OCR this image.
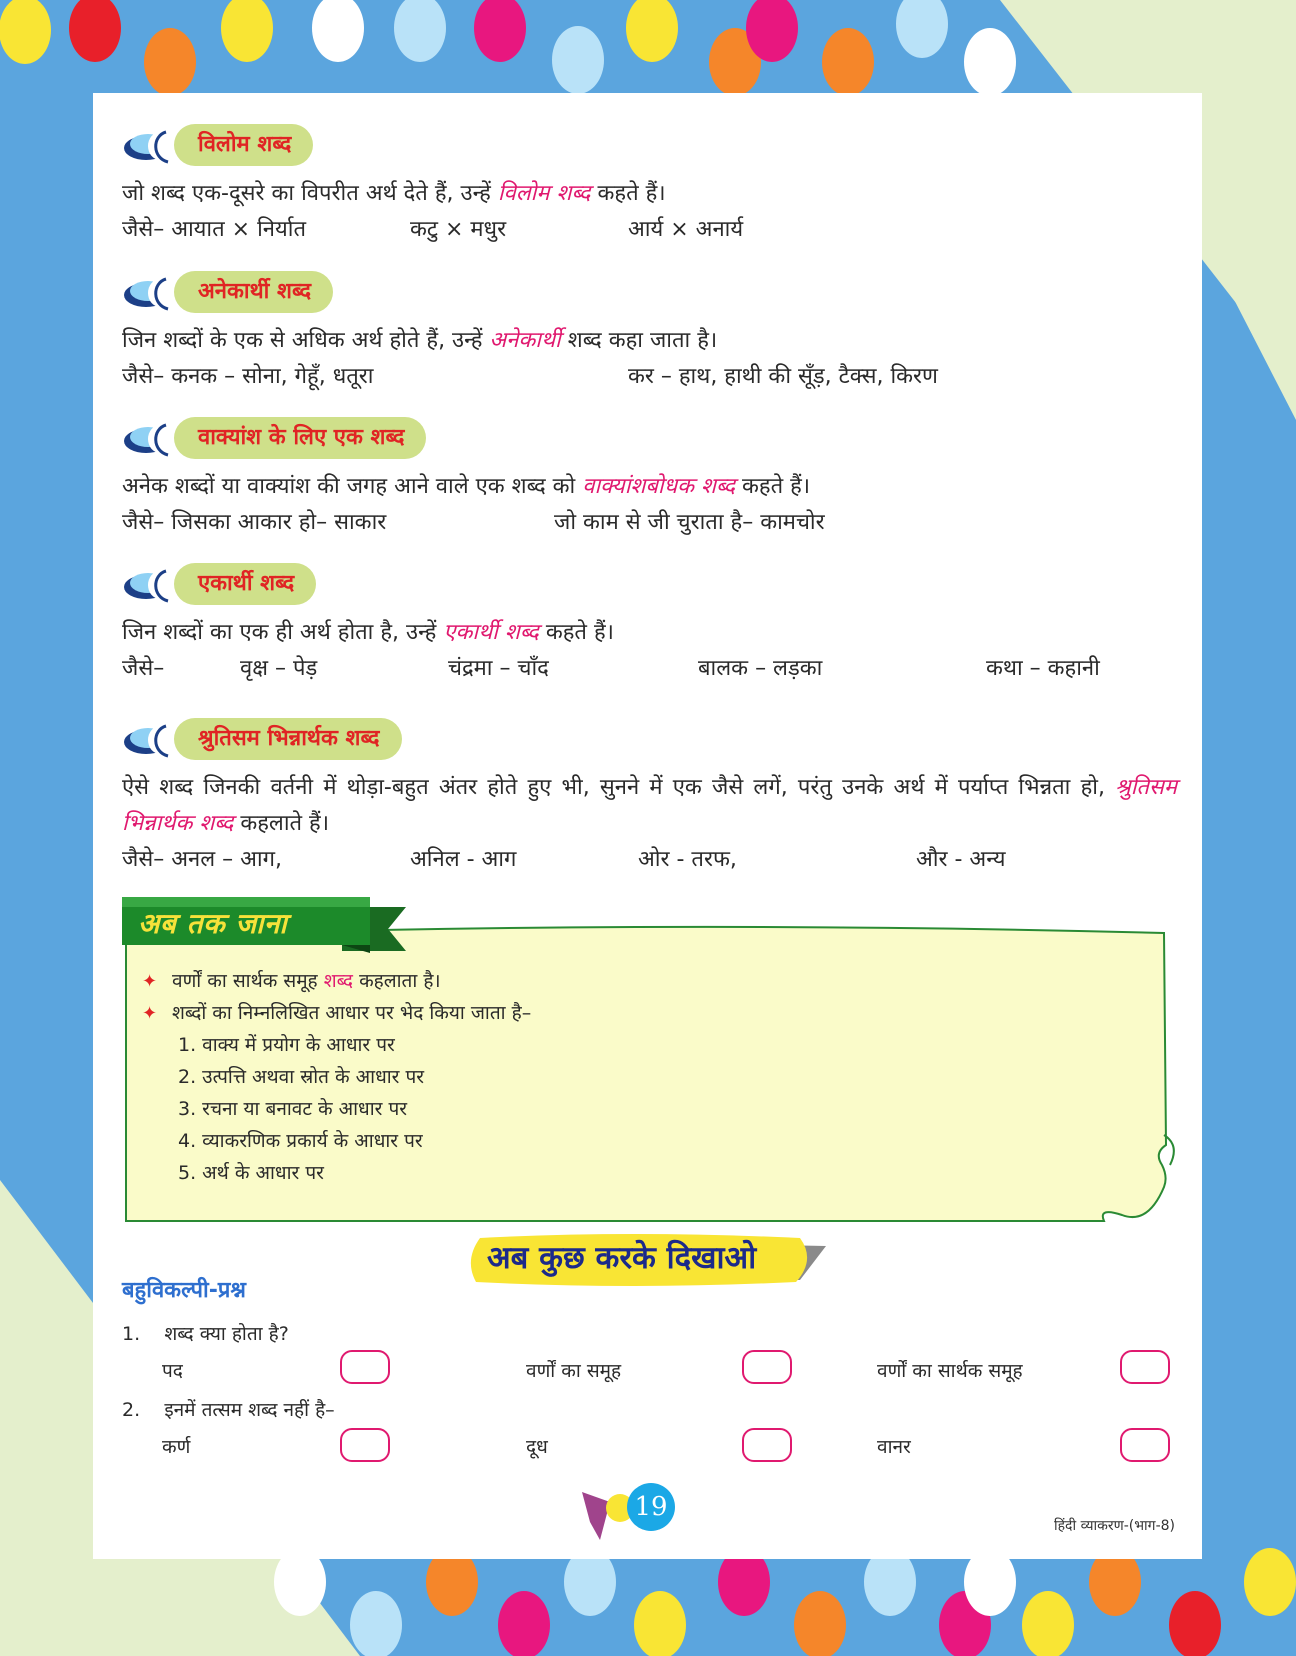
विलोम शब्द
जो शब्द एक-दूसरे का विपरीत अर्थ देते हैं, उन्हें विलोम शब्द कहते हैं।
जैसे– आयात × निर्यात	कटु × मधुर	आर्य × अनार्य
अनेकार्थी शब्द
जिन शब्दों के एक से अधिक अर्थ होते हैं, उन्हें अनेकार्थी शब्द कहा जाता है।
जैसे– कनक – सोना, गेहूँ, धतूरा	कर – हाथ, हाथी की सूँड़, टैक्स, किरण
वाक्यांश के लिए एक शब्द
अनेक शब्दों या वाक्यांश की जगह आने वाले एक शब्द को वाक्यांशबोधक शब्द कहते हैं।
जैसे– जिसका आकार हो– साकार	जो काम से जी चुराता है– कामचोर
एकार्थी शब्द
जिन शब्दों का एक ही अर्थ होता है, उन्हें एकार्थी शब्द कहते हैं।
जैसे–	वृक्ष – पेड़	चंद्रमा – चाँद	बालक – लड़का	कथा – कहानी
श्रुतिसम भिन्नार्थक शब्द
ऐसे शब्द जिनकी वर्तनी में थोड़ा-बहुत अंतर होते हुए भी, सुनने में एक जैसे लगें, परंतु उनके अर्थ में पर्याप्त भिन्नता हो, श्रुतिसम भिन्नार्थक शब्द कहलाते हैं।
जैसे– अनल – आग,	अनिल - आग	ओर - तरफ,	और - अन्य
अब तक जाना
✦ वर्णों का सार्थक समूह शब्द कहलाता है।
✦ शब्दों का निम्नलिखित आधार पर भेद किया जाता है–
1. वाक्य में प्रयोग के आधार पर
2. उत्पत्ति अथवा स्रोत के आधार पर
3. रचना या बनावट के आधार पर
4. व्याकरणिक प्रकार्य के आधार पर
5. अर्थ के आधार पर
अब कुछ करके दिखाओ
बहुविकल्पी-प्रश्न
1. शब्द क्या होता है?
पद	वर्णों का समूह	वर्णों का सार्थक समूह
2. इनमें तत्सम शब्द नहीं है–
कर्ण	दूध	वानर
19
हिंदी व्याकरण-(भाग-8)
